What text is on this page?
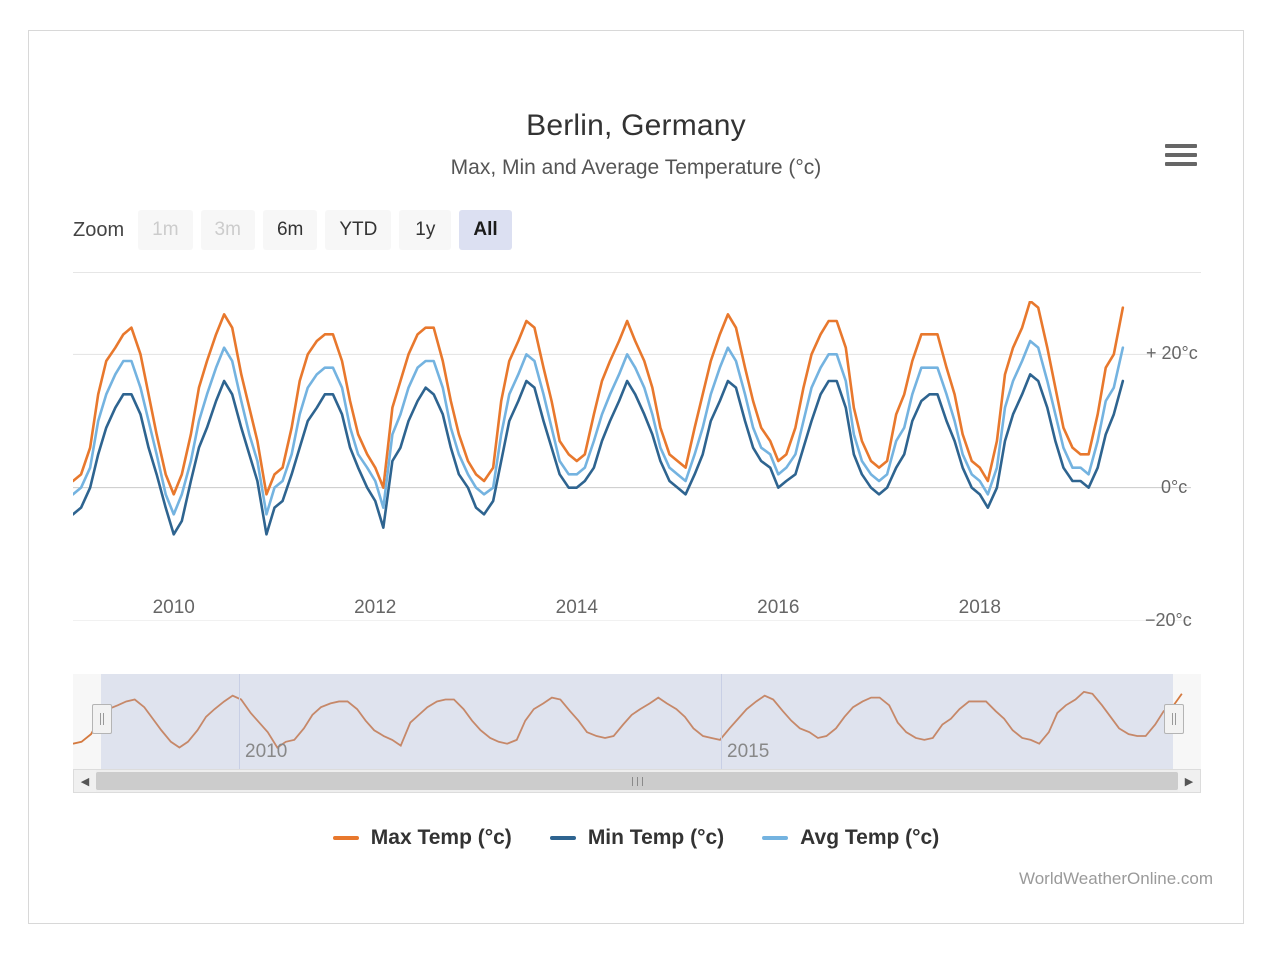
Berlin, Germany
Max, Min and Average Temperature (°c)
Zoom	1m	3m	6m	YTD	1y	All
+ 20°c
0°c
−20°c
2010	2012	2014	2016	2018
2010	2015
◀	▶
Max Temp (°c)	Min Temp (°c)	Avg Temp (°c)
WorldWeatherOnline.com
